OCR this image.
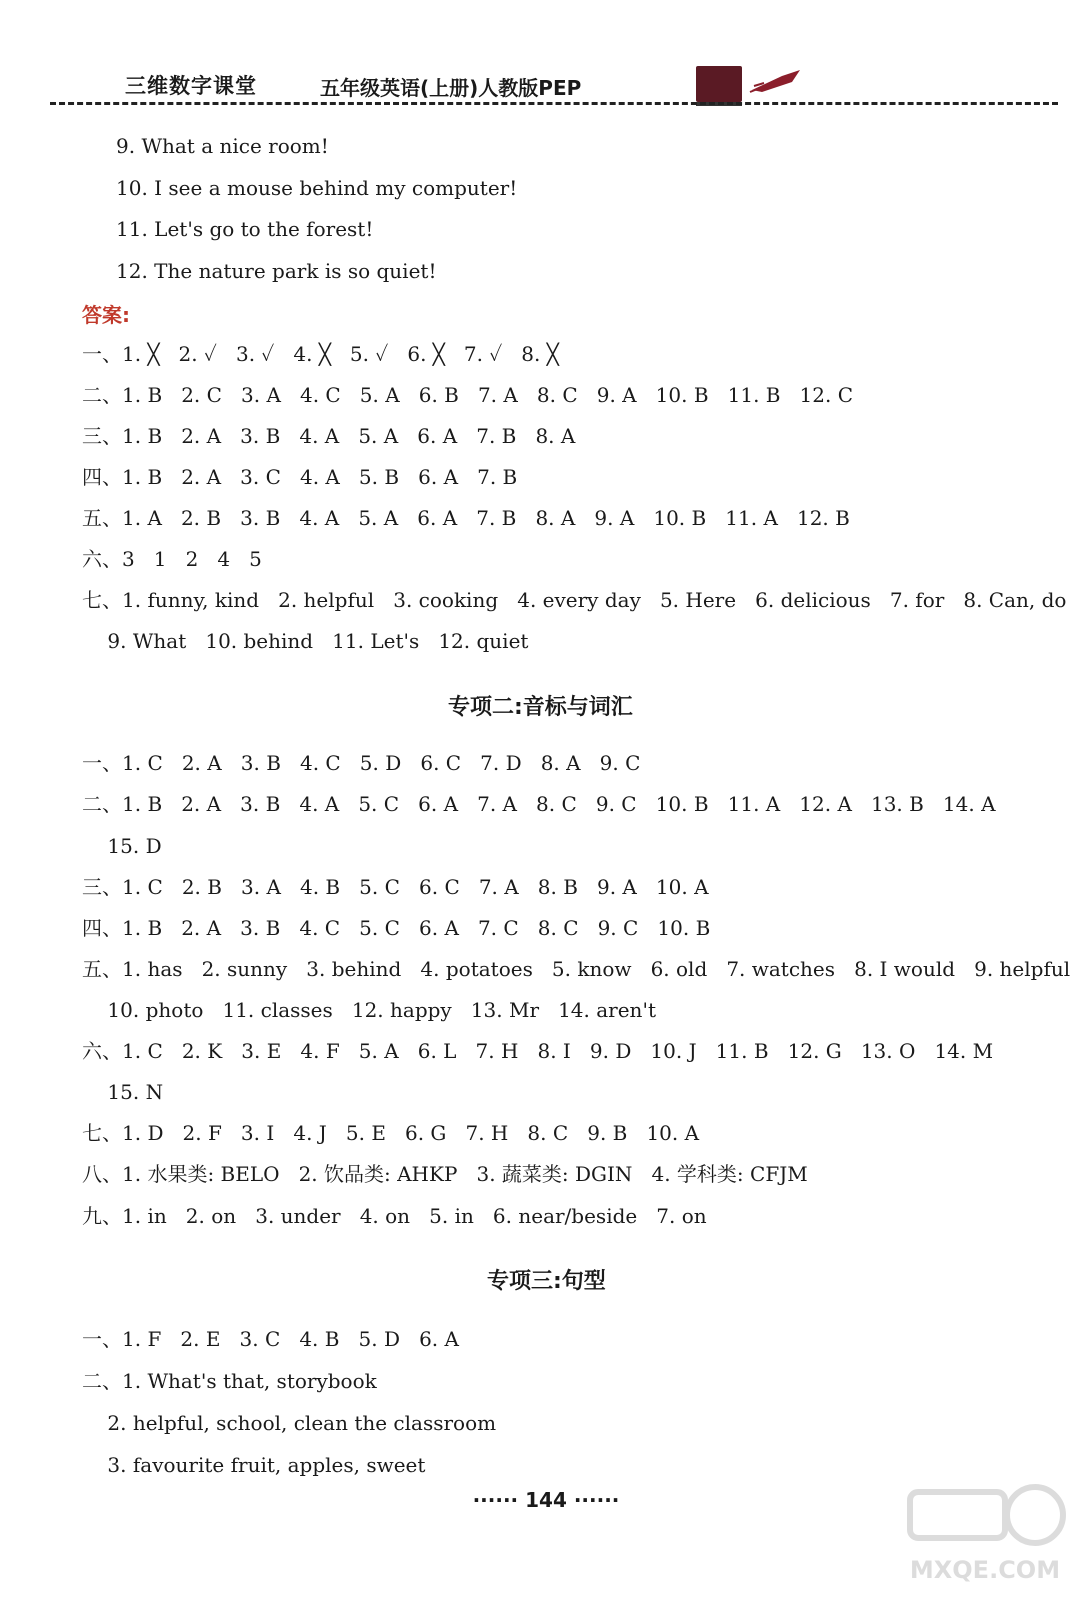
三维数字课堂	五年级英语(上册)人教版PEP
9. What a nice room!
10. I see a mouse behind my computer!
11. Let's go to the forest!
12. The nature park is so quiet!
答案:
一、1. ╳   2. ✓   3. ✓   4. ╳   5. ✓   6. ╳   7. ✓   8. ╳
二、1. B   2. C   3. A   4. C   5. A   6. B   7. A   8. C   9. A   10. B   11. B   12. C
三、1. B   2. A   3. B   4. A   5. A   6. A   7. B   8. A
四、1. B   2. A   3. C   4. A   5. B   6. A   7. B
五、1. A   2. B   3. B   4. A   5. A   6. A   7. B   8. A   9. A   10. B   11. A   12. B
六、3   1   2   4   5
七、1. funny, kind   2. helpful   3. cooking   4. every day   5. Here   6. delicious   7. for   8. Can, do
9. What   10. behind   11. Let's   12. quiet
专项二:音标与词汇
一、1. C   2. A   3. B   4. C   5. D   6. C   7. D   8. A   9. C
二、1. B   2. A   3. B   4. A   5. C   6. A   7. A   8. C   9. C   10. B   11. A   12. A   13. B   14. A
15. D
三、1. C   2. B   3. A   4. B   5. C   6. C   7. A   8. B   9. A   10. A
四、1. B   2. A   3. B   4. C   5. C   6. A   7. C   8. C   9. C   10. B
五、1. has   2. sunny   3. behind   4. potatoes   5. know   6. old   7. watches   8. I would   9. helpful
10. photo   11. classes   12. happy   13. Mr   14. aren't
六、1. C   2. K   3. E   4. F   5. A   6. L   7. H   8. I   9. D   10. J   11. B   12. G   13. O   14. M
15. N
七、1. D   2. F   3. I   4. J   5. E   6. G   7. H   8. C   9. B   10. A
八、1. 水果类: BELO   2. 饮品类: AHKP   3. 蔬菜类: DGIN   4. 学科类: CFJM
九、1. in   2. on   3. under   4. on   5. in   6. near/beside   7. on
专项三:句型
一、1. F   2. E   3. C   4. B   5. D   6. A
二、1. What's that, storybook
2. helpful, school, clean the classroom
3. favourite fruit, apples, sweet
······ 144 ······
MXQE.COM
